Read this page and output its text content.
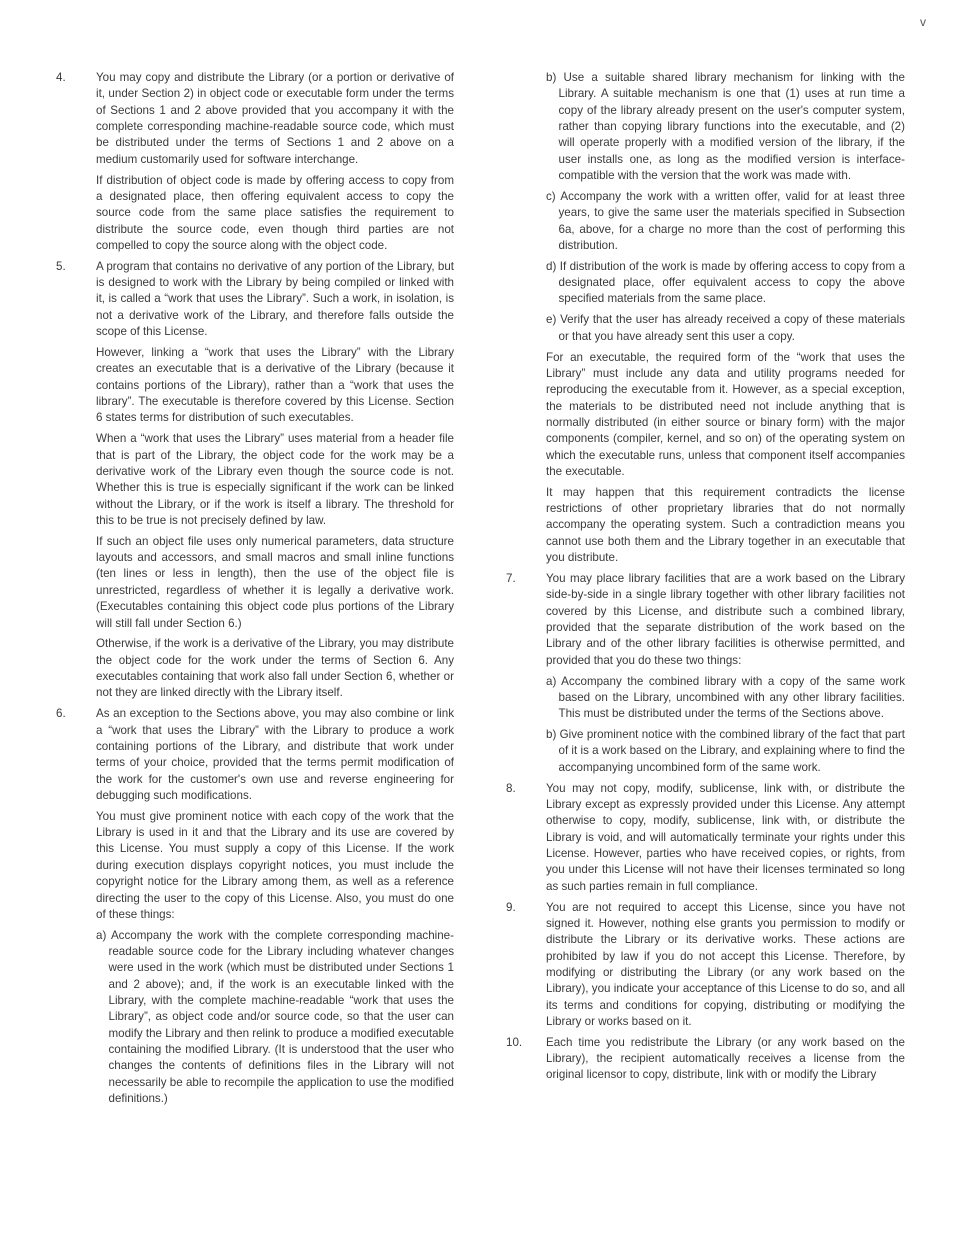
v
4.	You may copy and distribute the Library (or a portion or derivative of it, under Section 2) in object code or executable form under the terms of Sections 1 and 2 above provided that you accompany it with the complete corresponding machine-readable source code, which must be distributed under the terms of Sections 1 and 2 above on a medium customarily used for software interchange.

If distribution of object code is made by offering access to copy from a designated place, then offering equivalent access to copy the source code from the same place satisfies the requirement to distribute the source code, even though third parties are not compelled to copy the source along with the object code.

5.	A program that contains no derivative of any portion of the Library, but is designed to work with the Library by being compiled or linked with it, is called a “work that uses the Library”. Such a work, in isolation, is not a derivative work of the Library, and therefore falls outside the scope of this License.

However, linking a “work that uses the Library” with the Library creates an executable that is a derivative of the Library (because it contains portions of the Library), rather than a “work that uses the library”. The executable is therefore covered by this License. Section 6 states terms for distribution of such executables.

When a “work that uses the Library” uses material from a header file that is part of the Library, the object code for the work may be a derivative work of the Library even though the source code is not. Whether this is true is especially significant if the work can be linked without the Library, or if the work is itself a library. The threshold for this to be true is not precisely defined by law.

If such an object file uses only numerical parameters, data structure layouts and accessors, and small macros and small inline functions (ten lines or less in length), then the use of the object file is unrestricted, regardless of whether it is legally a derivative work. (Executables containing this object code plus portions of the Library will still fall under Section 6.)

Otherwise, if the work is a derivative of the Library, you may distribute the object code for the work under the terms of Section 6. Any executables containing that work also fall under Section 6, whether or not they are linked directly with the Library itself.

6.	As an exception to the Sections above, you may also combine or link a “work that uses the Library” with the Library to produce a work containing portions of the Library, and distribute that work under terms of your choice, provided that the terms permit modification of the work for the customer's own use and reverse engineering for debugging such modifications.

You must give prominent notice with each copy of the work that the Library is used in it and that the Library and its use are covered by this License. You must supply a copy of this License. If the work during execution displays copyright notices, you must include the copyright notice for the Library among them, as well as a reference directing the user to the copy of this License. Also, you must do one of these things:

a) Accompany the work with the complete corresponding machine-readable source code for the Library including whatever changes were used in the work (which must be distributed under Sections 1 and 2 above); and, if the work is an executable linked with the Library, with the complete machine-readable “work that uses the Library”, as object code and/or source code, so that the user can modify the Library and then relink to produce a modified executable containing the modified Library. (It is understood that the user who changes the contents of definitions files in the Library will not necessarily be able to recompile the application to use the modified definitions.)
b) Use a suitable shared library mechanism for linking with the Library. A suitable mechanism is one that (1) uses at run time a copy of the library already present on the user's computer system, rather than copying library functions into the executable, and (2) will operate properly with a modified version of the library, if the user installs one, as long as the modified version is interface-compatible with the version that the work was made with.
c) Accompany the work with a written offer, valid for at least three years, to give the same user the materials specified in Subsection 6a, above, for a charge no more than the cost of performing this distribution.
d) If distribution of the work is made by offering access to copy from a designated place, offer equivalent access to copy the above specified materials from the same place.
e) Verify that the user has already received a copy of these materials or that you have already sent this user a copy.

For an executable, the required form of the “work that uses the Library” must include any data and utility programs needed for reproducing the executable from it. However, as a special exception, the materials to be distributed need not include anything that is normally distributed (in either source or binary form) with the major components (compiler, kernel, and so on) of the operating system on which the executable runs, unless that component itself accompanies the executable.

It may happen that this requirement contradicts the license restrictions of other proprietary libraries that do not normally accompany the operating system. Such a contradiction means you cannot use both them and the Library together in an executable that you distribute.

7.	You may place library facilities that are a work based on the Library side-by-side in a single library together with other library facilities not covered by this License, and distribute such a combined library, provided that the separate distribution of the work based on the Library and of the other library facilities is otherwise permitted, and provided that you do these two things:

a) Accompany the combined library with a copy of the same work based on the Library, uncombined with any other library facilities. This must be distributed under the terms of the Sections above.
b) Give prominent notice with the combined library of the fact that part of it is a work based on the Library, and explaining where to find the accompanying uncombined form of the same work.
8.	You may not copy, modify, sublicense, link with, or distribute the Library except as expressly provided under this License. Any attempt otherwise to copy, modify, sublicense, link with, or distribute the Library is void, and will automatically terminate your rights under this License. However, parties who have received copies, or rights, from you under this License will not have their licenses terminated so long as such parties remain in full compliance.

9.	You are not required to accept this License, since you have not signed it. However, nothing else grants you permission to modify or distribute the Library or its derivative works. These actions are prohibited by law if you do not accept this License. Therefore, by modifying or distributing the Library (or any work based on the Library), you indicate your acceptance of this License to do so, and all its terms and conditions for copying, distributing or modifying the Library or works based on it.

10.	Each time you redistribute the Library (or any work based on the Library), the recipient automatically receives a license from the original licensor to copy, distribute, link with or modify the Library
